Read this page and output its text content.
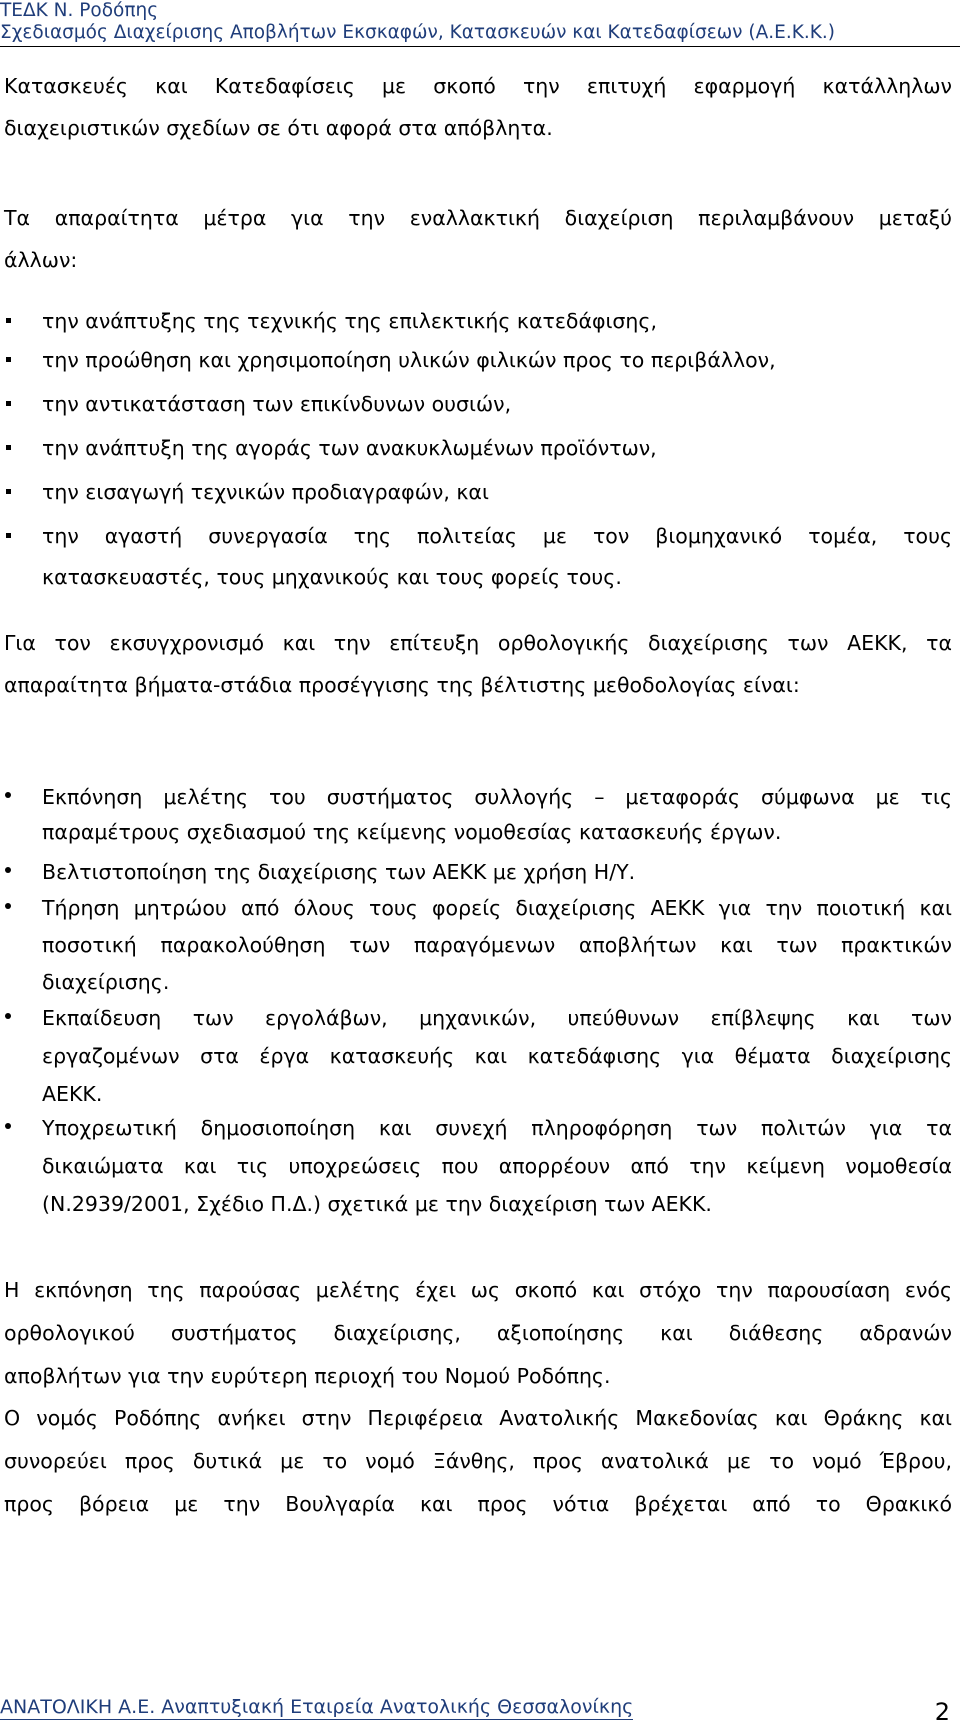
ΤΕΔΚ Ν. Ροδόπης
Σχεδιασμός Διαχείρισης Αποβλήτων Εκσκαφών, Κατασκευών και Κατεδαφίσεων (Α.Ε.Κ.Κ.)
Κατασκευές και Κατεδαφίσεις με σκοπό την επιτυχή εφαρμογή κατάλληλων
διαχειριστικών σχεδίων σε ότι αφορά στα απόβλητα.
Τα απαραίτητα μέτρα για την εναλλακτική διαχείριση περιλαμβάνουν μεταξύ
άλλων:
την ανάπτυξης της τεχνικής της επιλεκτικής κατεδάφισης,
την προώθηση και χρησιμοποίηση υλικών φιλικών προς το περιβάλλον,
την αντικατάσταση των επικίνδυνων ουσιών,
την ανάπτυξη της αγοράς των ανακυκλωμένων προϊόντων,
την εισαγωγή τεχνικών προδιαγραφών, και
την αγαστή συνεργασία της πολιτείας με τον βιομηχανικό τομέα, τους
κατασκευαστές, τους μηχανικούς και τους φορείς τους.
Για τον εκσυγχρονισμό και την επίτευξη ορθολογικής διαχείρισης των ΑΕΚΚ, τα
απαραίτητα βήματα-στάδια προσέγγισης της βέλτιστης μεθοδολογίας είναι:
Εκπόνηση μελέτης του συστήματος συλλογής – μεταφοράς σύμφωνα με τις
παραμέτρους σχεδιασμού της κείμενης νομοθεσίας κατασκευής έργων.
Βελτιστοποίηση της διαχείρισης των ΑΕΚΚ με χρήση Η/Υ.
Τήρηση μητρώου από όλους τους φορείς διαχείρισης ΑΕΚΚ για την ποιοτική και
ποσοτική παρακολούθηση των παραγόμενων αποβλήτων και των πρακτικών
διαχείρισης.
Εκπαίδευση των εργολάβων, μηχανικών, υπεύθυνων επίβλεψης και των
εργαζομένων στα έργα κατασκευής και κατεδάφισης για θέματα διαχείρισης
ΑΕΚΚ.
Υποχρεωτική δημοσιοποίηση και συνεχή πληροφόρηση των πολιτών για τα
δικαιώματα και τις υποχρεώσεις που απορρέουν από την κείμενη νομοθεσία
(Ν.2939/2001, Σχέδιο Π.Δ.) σχετικά με την διαχείριση των ΑΕΚΚ.
Η εκπόνηση της παρούσας μελέτης έχει ως σκοπό και στόχο την παρουσίαση ενός
ορθολογικού συστήματος διαχείρισης, αξιοποίησης και διάθεσης αδρανών
αποβλήτων για την ευρύτερη περιοχή του Νομού Ροδόπης.
Ο νομός Ροδόπης ανήκει στην Περιφέρεια Ανατολικής Μακεδονίας και Θράκης και
συνορεύει προς δυτικά με το νομό Ξάνθης, προς ανατολικά με το νομό Έβρου,
προς βόρεια με την Βουλγαρία και προς νότια βρέχεται από το Θρακικό
ΑΝΑΤΟΛΙΚΗ Α.Ε. Αναπτυξιακή Εταιρεία Ανατολικής Θεσσαλονίκης	2
